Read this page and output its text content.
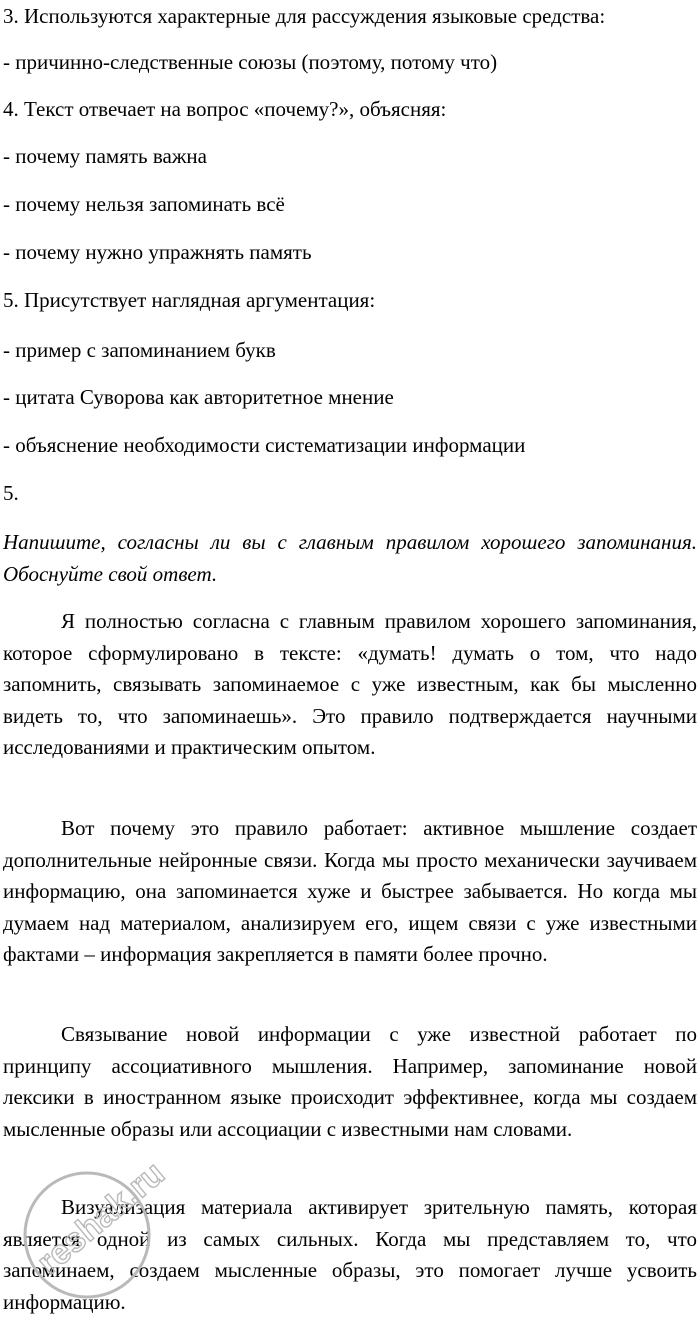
3. Используются характерные для рассуждения языковые средства:
- причинно-следственные союзы (поэтому, потому что)
4. Текст отвечает на вопрос «почему?», объясняя:
- почему память важна
- почему нельзя запоминать всё
- почему нужно упражнять память
5. Присутствует наглядная аргументация:
- пример с запоминанием букв
- цитата Суворова как авторитетное мнение
- объяснение необходимости систематизации информации
5.
Напишите, согласны ли вы с главным правилом хорошего запоминания. Обоснуйте свой ответ.
Я полностью согласна с главным правилом хорошего запоминания, которое сформулировано в тексте: «думать! думать о том, что надо запомнить, связывать запоминаемое с уже известным, как бы мысленно видеть то, что запоминаешь». Это правило подтверждается научными исследованиями и практическим опытом.
Вот почему это правило работает: активное мышление создает дополнительные нейронные связи. Когда мы просто механически заучиваем информацию, она запоминается хуже и быстрее забывается. Но когда мы думаем над материалом, анализируем его, ищем связи с уже известными фактами – информация закрепляется в памяти более прочно.
Связывание новой информации с уже известной работает по принципу ассоциативного мышления. Например, запоминание новой лексики в иностранном языке происходит эффективнее, когда мы создаем мысленные образы или ассоциации с известными нам словами.
Визуализация материала активирует зрительную память, которая является одной из самых сильных. Когда мы представляем то, что запоминаем, создаем мысленные образы, это помогает лучше усвоить информацию.
reshak.ru
